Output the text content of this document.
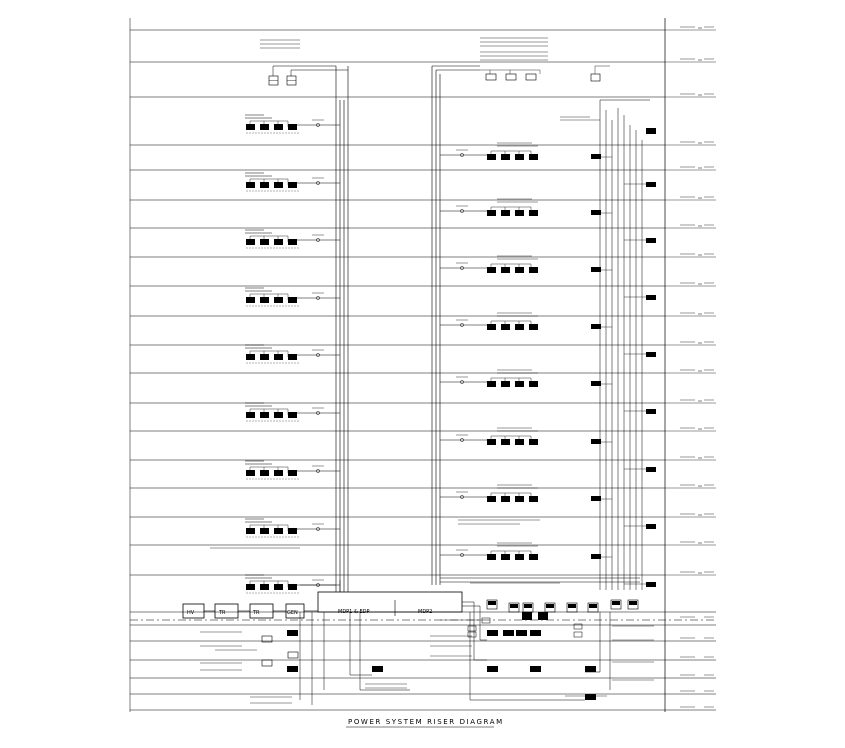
MDP1 & EDP	MDP2
HV	TR	TR	GEN
POWER SYSTEM RISER DIAGRAM
